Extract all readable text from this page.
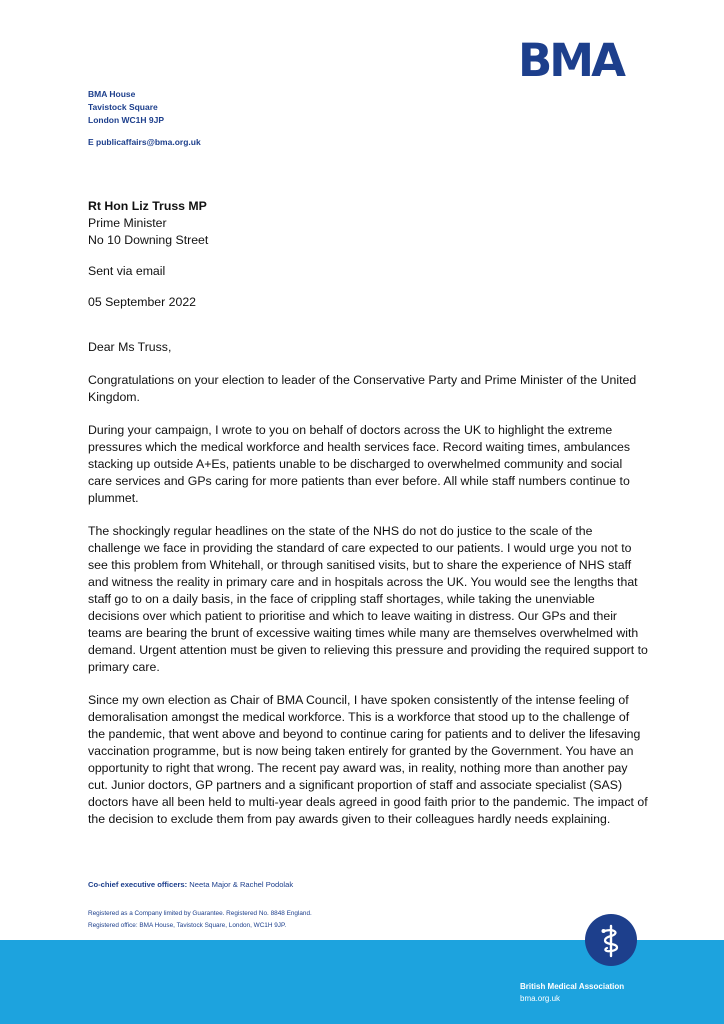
BMA
BMA House
Tavistock Square
London WC1H 9JP
E publicaffairs@bma.org.uk
Rt Hon Liz Truss MP
Prime Minister
No 10 Downing Street
Sent via email
05 September 2022

Dear Ms Truss,

Congratulations on your election to leader of the Conservative Party and Prime Minister of the United Kingdom.

During your campaign, I wrote to you on behalf of doctors across the UK to highlight the extreme pressures which the medical workforce and health services face. Record waiting times, ambulances stacking up outside A+Es, patients unable to be discharged to overwhelmed community and social care services and GPs caring for more patients than ever before. All while staff numbers continue to plummet.

The shockingly regular headlines on the state of the NHS do not do justice to the scale of the challenge we face in providing the standard of care expected to our patients. I would urge you not to see this problem from Whitehall, or through sanitised visits, but to share the experience of NHS staff and witness the reality in primary care and in hospitals across the UK. You would see the lengths that staff go to on a daily basis, in the face of crippling staff shortages, while taking the unenviable decisions over which patient to prioritise and which to leave waiting in distress. Our GPs and their teams are bearing the brunt of excessive waiting times while many are themselves overwhelmed with demand. Urgent attention must be given to relieving this pressure and providing the required support to primary care.

Since my own election as Chair of BMA Council, I have spoken consistently of the intense feeling of demoralisation amongst the medical workforce. This is a workforce that stood up to the challenge of the pandemic, that went above and beyond to continue caring for patients and to deliver the lifesaving vaccination programme, but is now being taken entirely for granted by the Government. You have an opportunity to right that wrong. The recent pay award was, in reality, nothing more than another pay cut. Junior doctors, GP partners and a significant proportion of staff and associate specialist (SAS) doctors have all been held to multi-year deals agreed in good faith prior to the pandemic. The impact of the decision to exclude them from pay awards given to their colleagues hardly needs explaining.

Co-chief executive officers: Neeta Major & Rachel Podolak
Registered as a Company limited by Guarantee. Registered No. 8848 England.
Registered office: BMA House, Tavistock Square, London, WC1H 9JP.
British Medical Association
bma.org.uk
